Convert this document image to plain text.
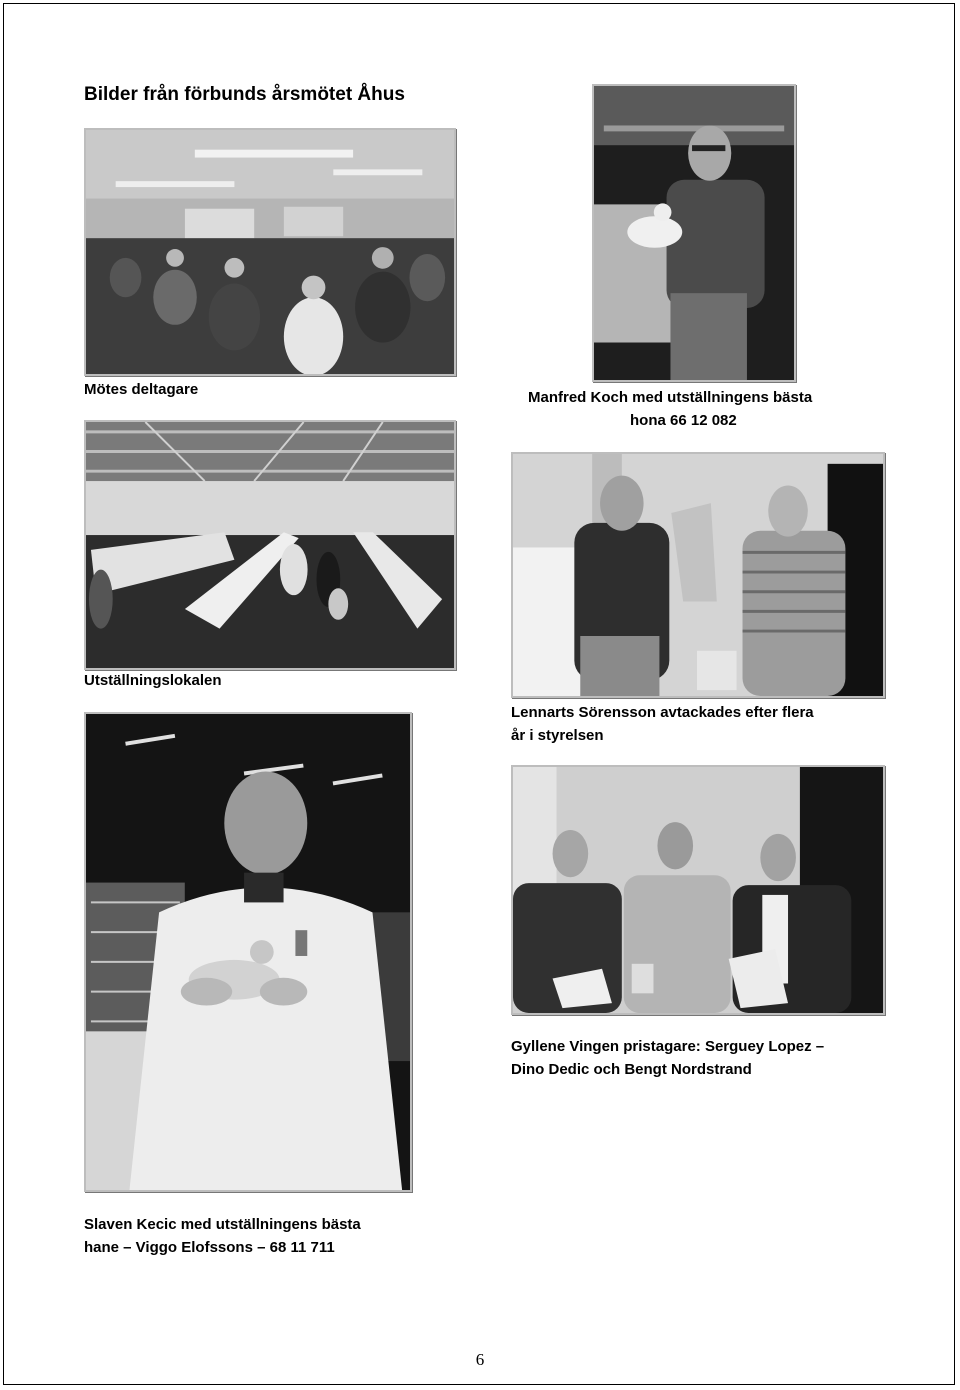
Bilder från förbunds årsmötet Åhus
Mötes deltagare	Manfred Koch med utställningens bästa
hona 66 12 082
Utställningslokalen
Lennarts Sörensson avtackades efter flera
år i styrelsen
Gyllene Vingen pristagare: Serguey Lopez –
Dino Dedic och Bengt Nordstrand
Slaven Kecic med utställningens bästa
hane – Viggo Elofssons – 68 11 711
6
